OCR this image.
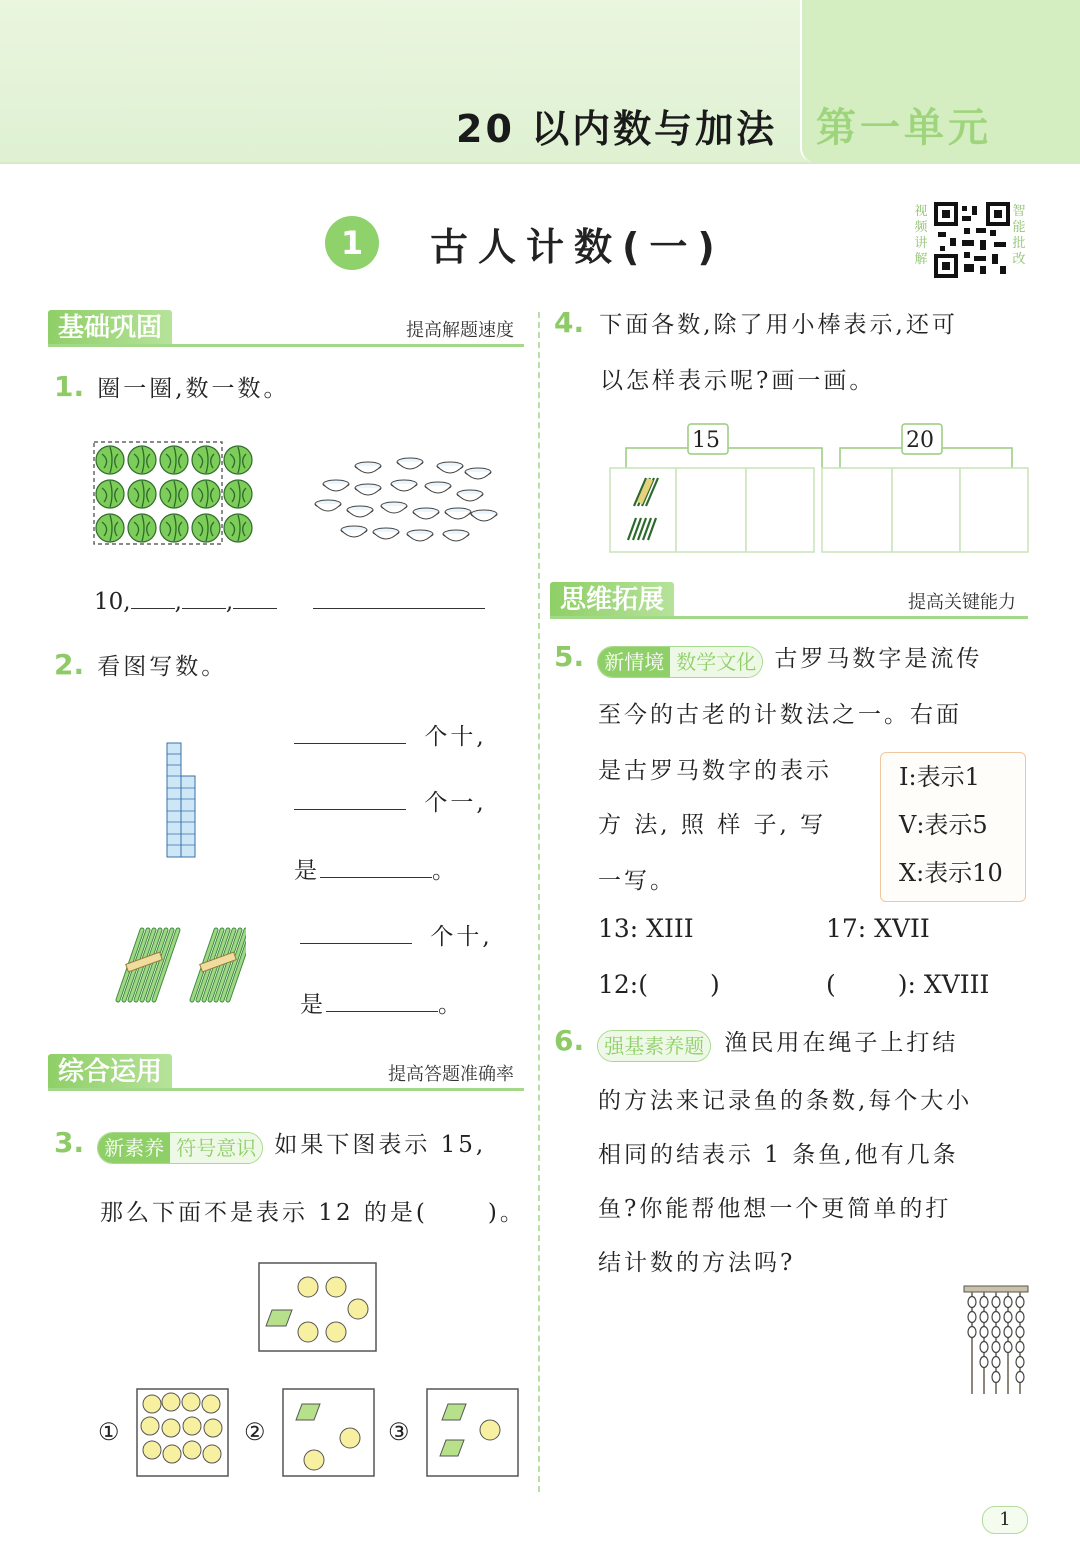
20 以内数与加法 第一单元
1	古人计数(一)
视频讲解
智能批改
基础巩固	提高解题速度
1. 圈一圈,数一数。
10, , ,
2. 看图写数。
个十,
个一,
是	。
个十,
是	。
综合运用	提高答题准确率
3.	新素养 符号意识 如果下图表示 15,
那么下面不是表示 12 的是(	)。
①	②	③
4. 下面各数,除了用小棒表示,还可
以怎样表示呢?画一画。
15	20
思维拓展	提高关键能力
5.	新情境 数学文化 古罗马数字是流传
至今的古老的计数法之一。右面
是古罗马数字的表示
方 法, 照 样 子, 写
一写。
Ⅰ:表示1
Ⅴ:表示5
Ⅹ:表示10
13: XIII	17: XVII
12:( )	( ): XVIII
6.	强基素养题 渔民用在绳子上打结
的方法来记录鱼的条数,每个大小
相同的结表示 1 条鱼,他有几条
鱼?你能帮他想一个更简单的打
结计数的方法吗?
1
